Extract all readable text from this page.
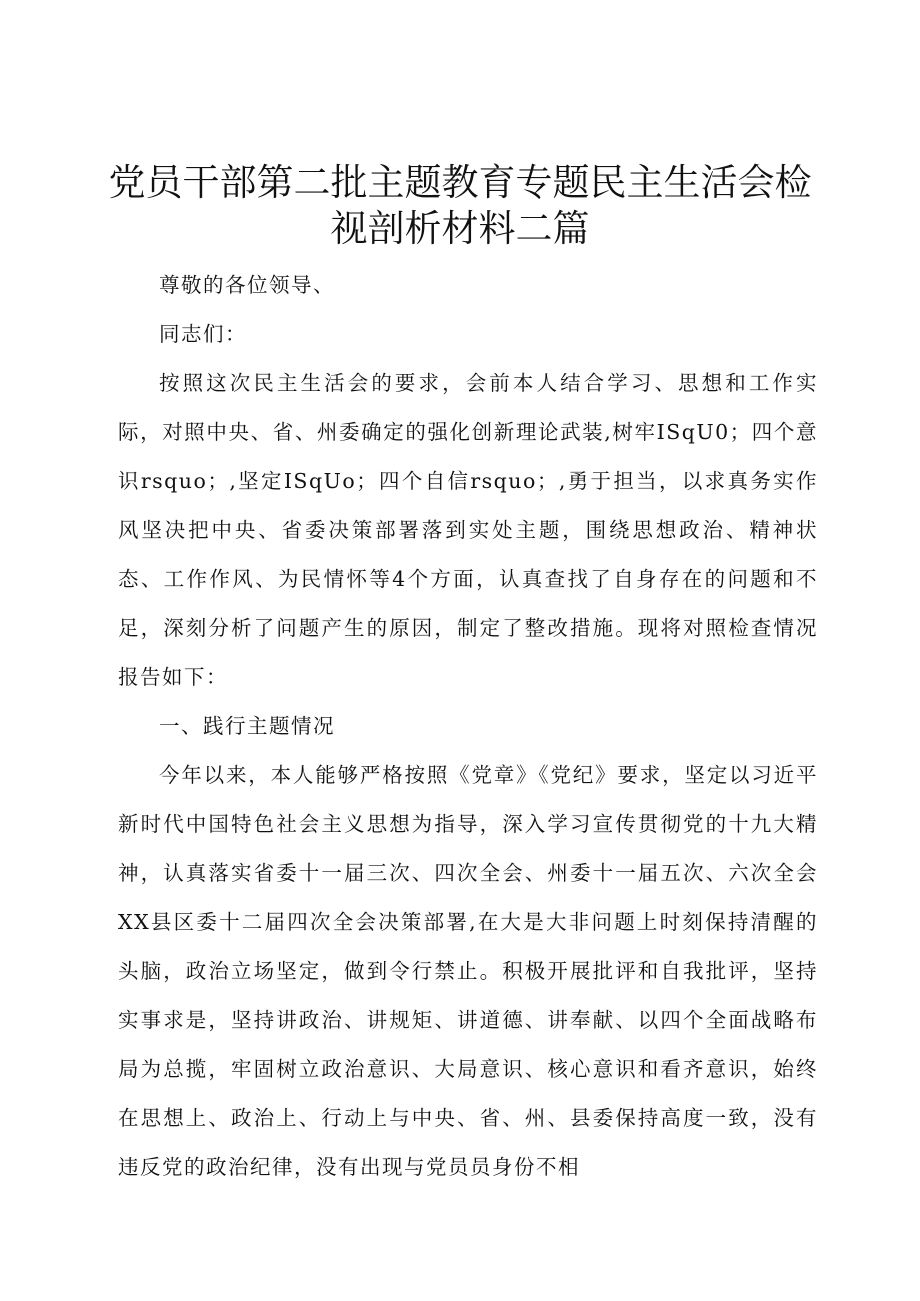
党员干部第二批主题教育专题民主生活会检视剖析材料二篇

尊敬的各位领导、

同志们：

按照这次民主生活会的要求，会前本人结合学习、思想和工作实际，对照中央、省、州委确定的强化创新理论武装,树牢ISqU0；四个意识rsquo；,坚定ISqUo；四个自信rsquo；,勇于担当，以求真务实作风坚决把中央、省委决策部署落到实处主题，围绕思想政治、精神状态、工作作风、为民情怀等4个方面，认真查找了自身存在的问题和不足，深刻分析了问题产生的原因，制定了整改措施。现将对照检查情况报告如下：

一、践行主题情况

今年以来，本人能够严格按照《党章》《党纪》要求，坚定以习近平新时代中国特色社会主义思想为指导，深入学习宣传贯彻党的十九大精神，认真落实省委十一届三次、四次全会、州委十一届五次、六次全会XX县区委十二届四次全会决策部署,在大是大非问题上时刻保持清醒的头脑，政治立场坚定，做到令行禁止。积极开展批评和自我批评，坚持实事求是，坚持讲政治、讲规矩、讲道德、讲奉献、以四个全面战略布局为总揽，牢固树立政治意识、大局意识、核心意识和看齐意识，始终在思想上、政治上、行动上与中央、省、州、县委保持高度一致，没有违反党的政治纪律，没有出现与党员员身份不相
